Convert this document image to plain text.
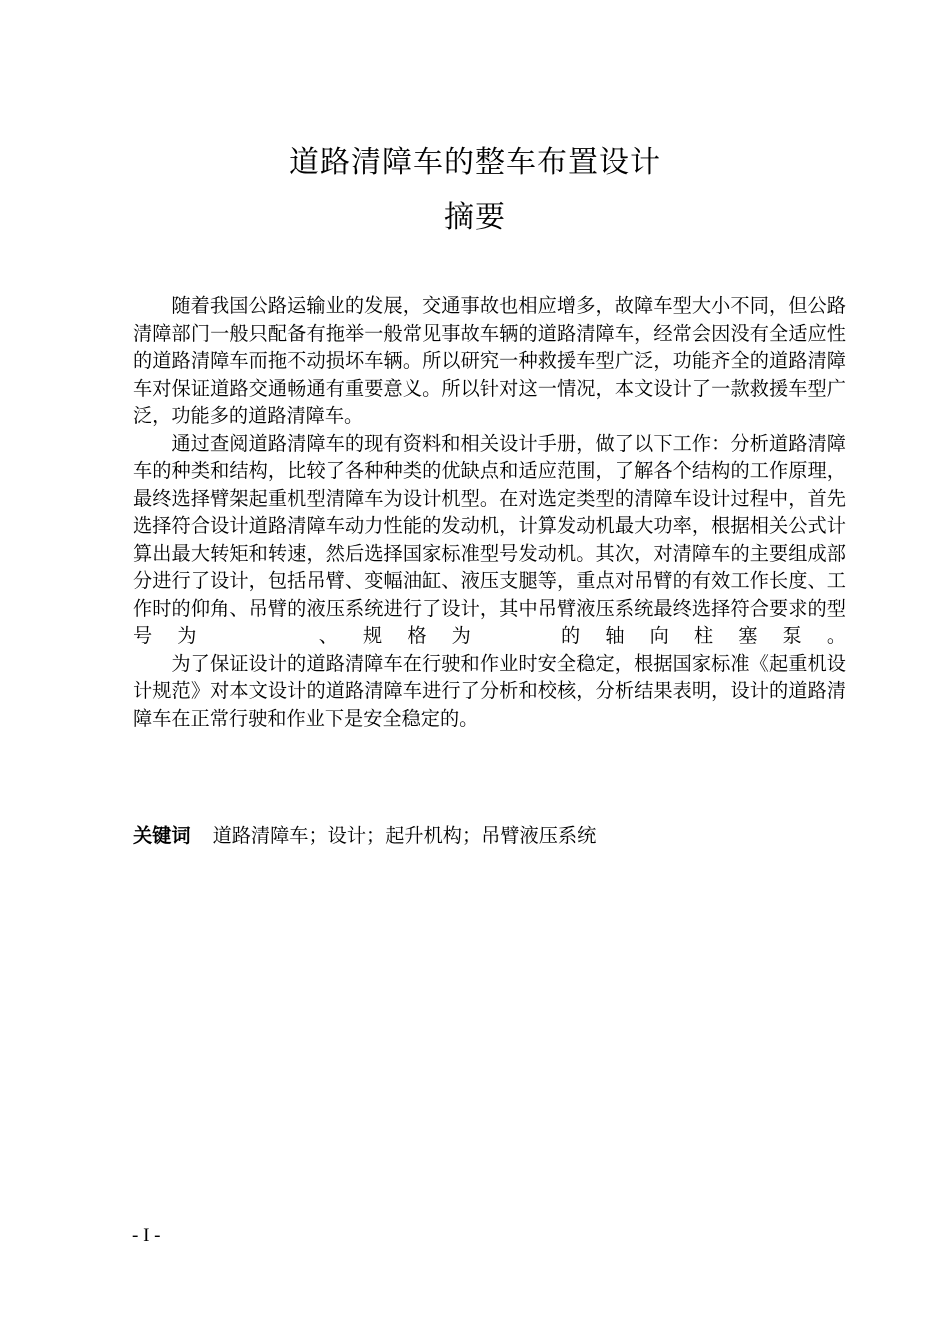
道路清障车的整车布置设计
摘要

随着我国公路运输业的发展，交通事故也相应增多，故障车型大小不同，但公路清障部门一般只配备有拖举一般常见事故车辆的道路清障车，经常会因没有全适应性的道路清障车而拖不动损坏车辆。所以研究一种救援车型广泛，功能齐全的道路清障车对保证道路交通畅通有重要意义。所以针对这一情况，本文设计了一款救援车型广泛，功能多的道路清障车。

通过查阅道路清障车的现有资料和相关设计手册，做了以下工作：分析道路清障车的种类和结构，比较了各种种类的优缺点和适应范围，了解各个结构的工作原理，最终选择臂架起重机型清障车为设计机型。在对选定类型的清障车设计过程中，首先选择符合设计道路清障车动力性能的发动机，计算发动机最大功率，根据相关公式计算出最大转矩和转速，然后选择国家标准型号发动机。其次，对清障车的主要组成部分进行了设计，包括吊臂、变幅油缸、液压支腿等，重点对吊臂的有效工作长度、工作时的仰角、吊臂的液压系统进行了设计，其中吊臂液压系统最终选择符合要求的型号为	、规格为 的轴向柱塞泵。

为了保证设计的道路清障车在行驶和作业时安全稳定，根据国家标准《起重机设计规范》对本文设计的道路清障车进行了分析和校核，分析结果表明，设计的道路清障车在正常行驶和作业下是安全稳定的。

关键词 道路清障车；设计；起升机构；吊臂液压系统
- I -
